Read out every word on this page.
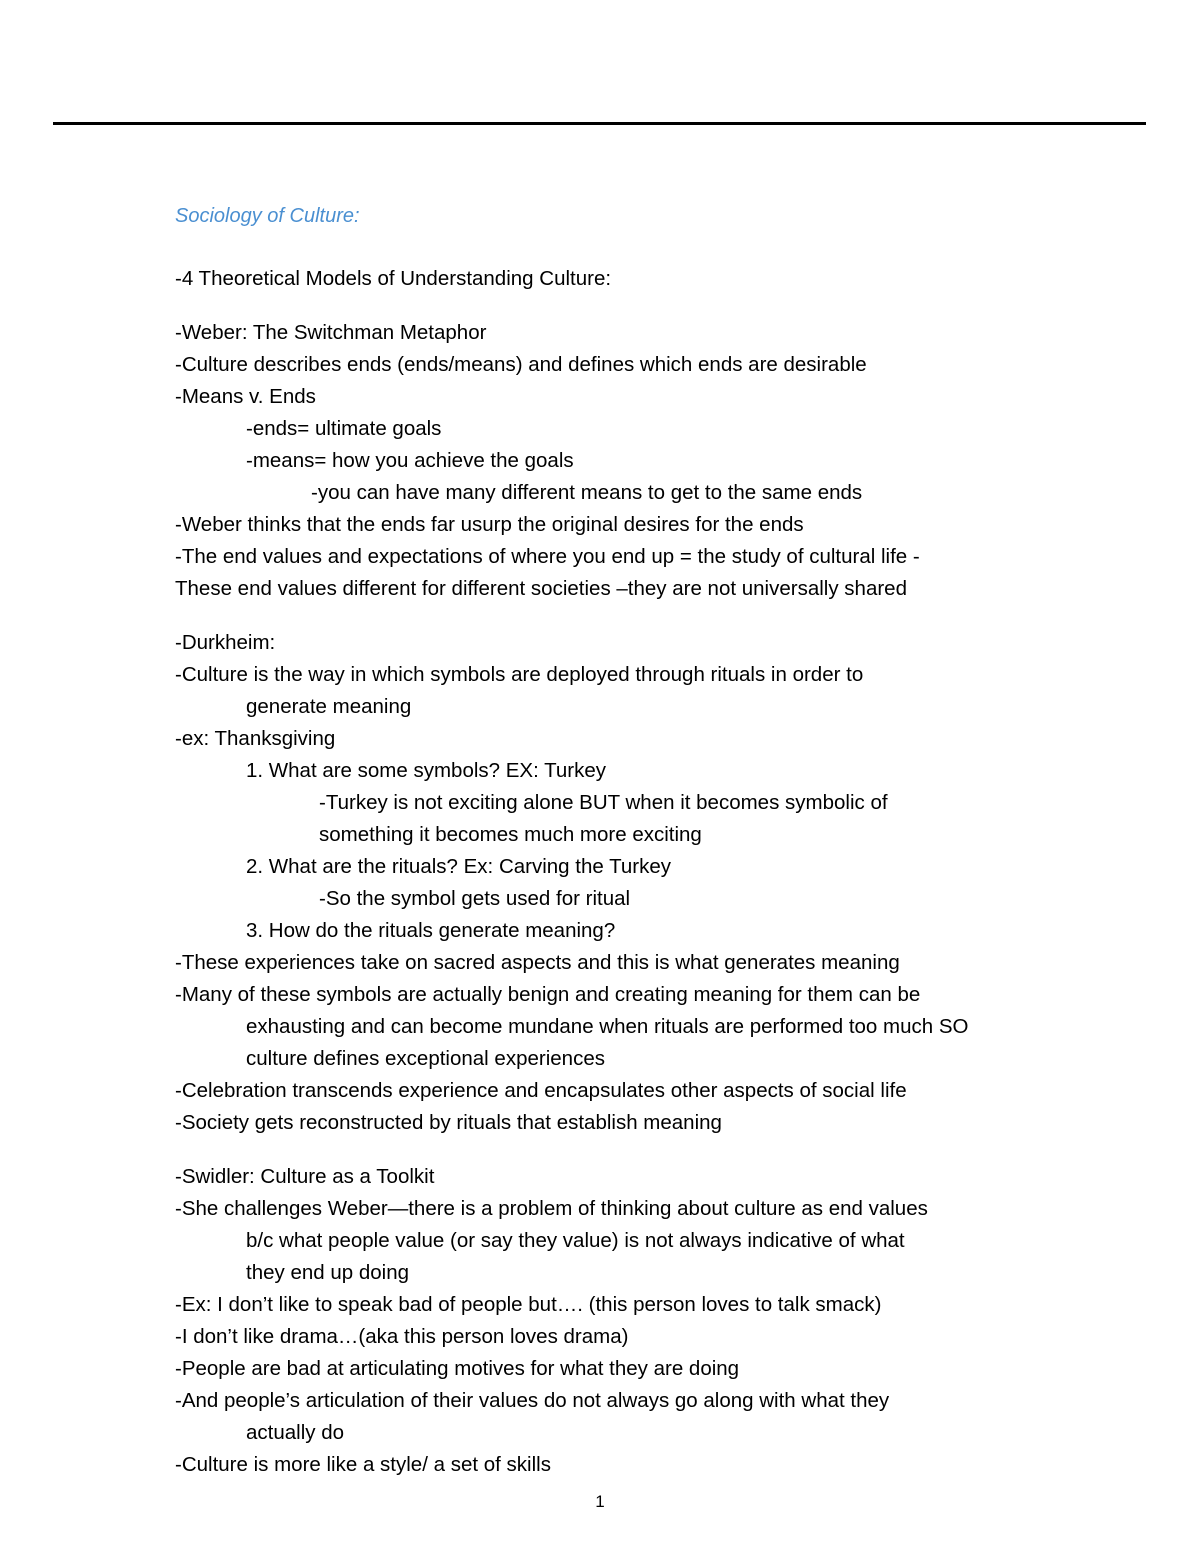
Sociology of Culture:
-4 Theoretical Models of Understanding Culture:
-Weber: The Switchman Metaphor
-Culture describes ends (ends/means) and defines which ends are desirable
-Means v. Ends
-ends= ultimate goals
-means= how you achieve the goals
-you can have many different means to get to the same ends
-Weber thinks that the ends far usurp the original desires for the ends
-The end values and expectations of where you end up = the study of cultural life -
These end values different for different societies –they are not universally shared
-Durkheim:
-Culture is the way in which symbols are deployed through rituals in order to
generate meaning
-ex: Thanksgiving
1. What are some symbols? EX: Turkey
-Turkey is not exciting alone BUT when it becomes symbolic of
something it becomes much more exciting
2. What are the rituals? Ex: Carving the Turkey
-So the symbol gets used for ritual
3. How do the rituals generate meaning?
-These experiences take on sacred aspects and this is what generates meaning
-Many of these symbols are actually benign and creating meaning for them can be
exhausting and can become mundane when rituals are performed too much SO
culture defines exceptional experiences
-Celebration transcends experience and encapsulates other aspects of social life
-Society gets reconstructed by rituals that establish meaning
-Swidler: Culture as a Toolkit
-She challenges Weber—there is a problem of thinking about culture as end values
b/c what people value (or say they value) is not always indicative of what
they end up doing
-Ex: I don’t like to speak bad of people but…. (this person loves to talk smack)
-I don’t like drama…(aka this person loves drama)
-People are bad at articulating motives for what they are doing
-And people’s articulation of their values do not always go along with what they
actually do
-Culture is more like a style/ a set of skills
1
